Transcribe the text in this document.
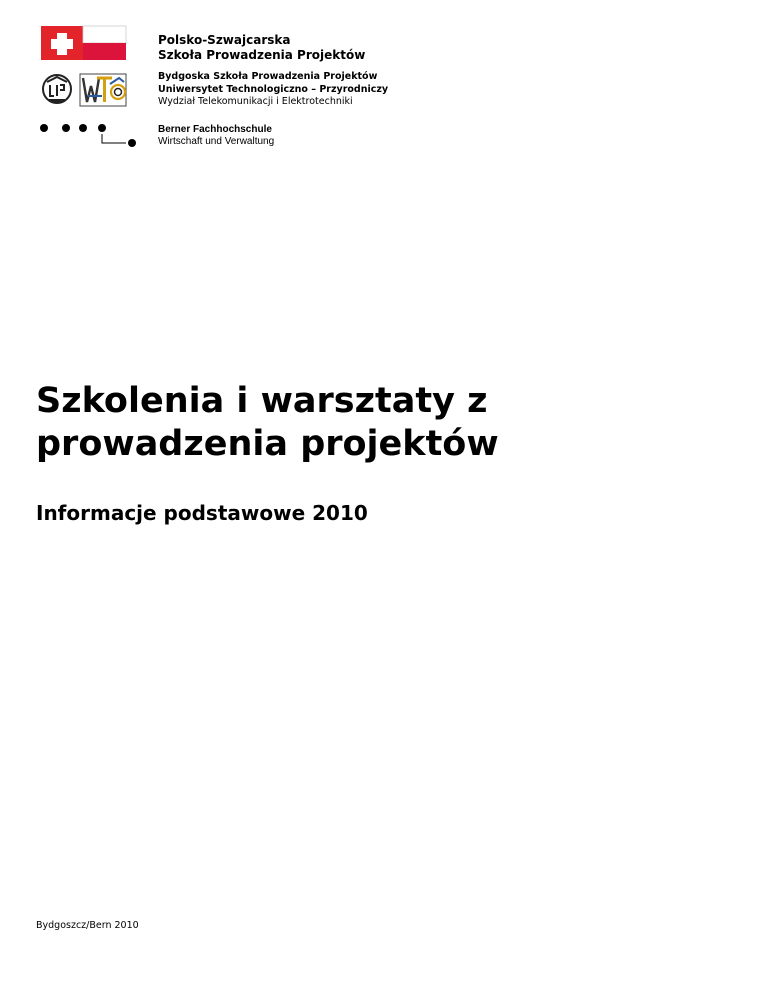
Polsko-Szwajcarska
Szkoła Prowadzenia Projektów
Bydgoska Szkoła Prowadzenia Projektów
Uniwersytet Technologiczno – Przyrodniczy
Wydział Telekomunikacji i Elektrotechniki
Berner Fachhochschule
Wirtschaft und Verwaltung
Szkolenia i warsztaty z
prowadzenia projektów
Informacje podstawowe 2010
Bydgoszcz/Bern 2010
